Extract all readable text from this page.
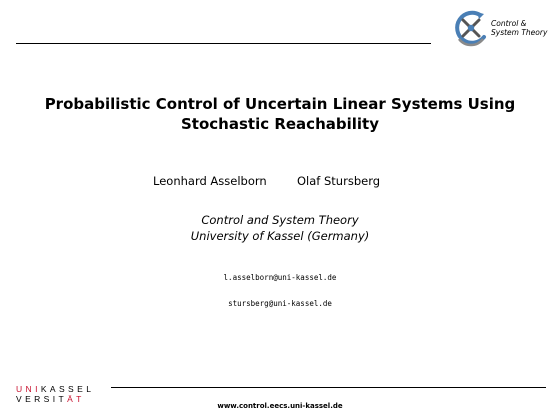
Control &
System Theory
Probabilistic Control of Uncertain Linear Systems Using
Stochastic Reachability
Leonhard Asselborn	Olaf Stursberg
Control and System Theory
University of Kassel (Germany)
l.asselborn@uni-kassel.de
stursberg@uni-kassel.de
UNIKASSEL
VERSITÄT
www.control.eecs.uni-kassel.de
